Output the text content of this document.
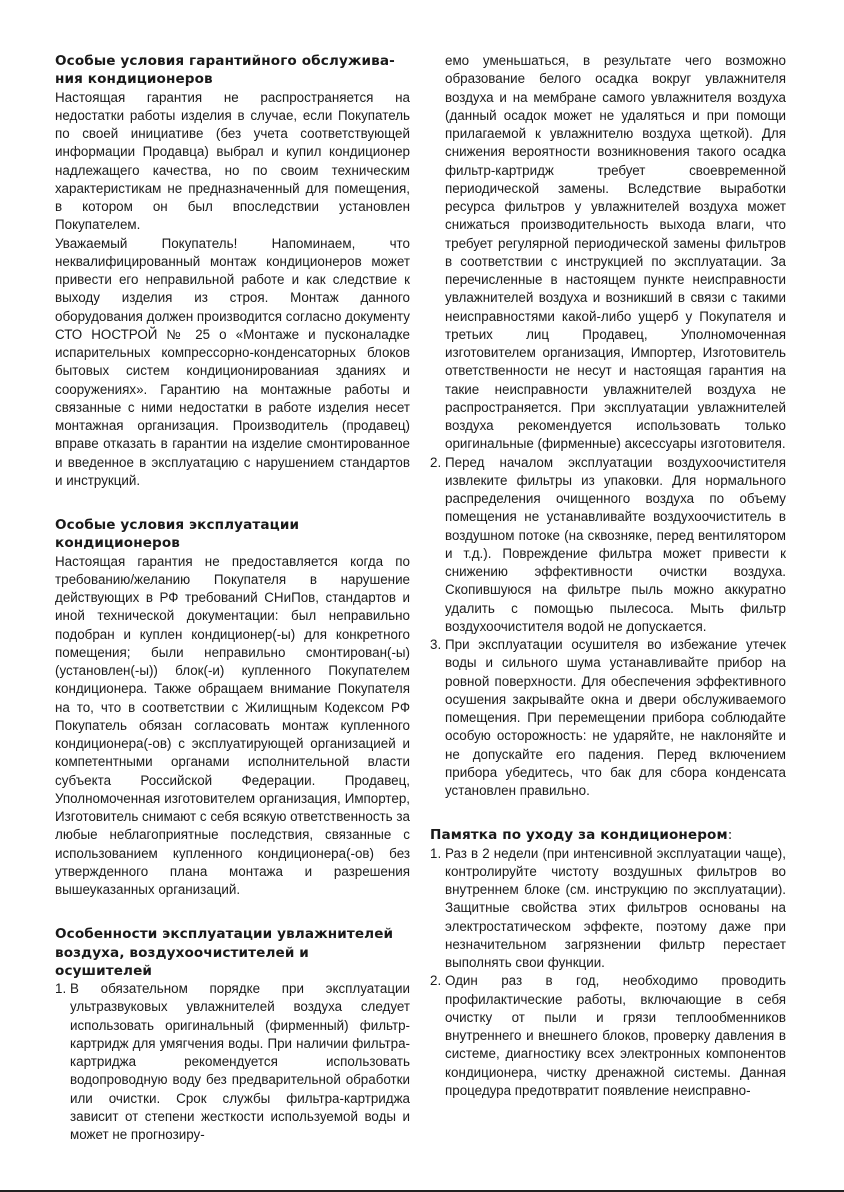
Особые условия гарантийного обслужива-ния кондиционеров

Настоящая гарантия не распространяется на недостатки работы изделия в случае, если Покупатель по своей инициативе (без учета соответствующей информации Продавца) выбрал и купил кондиционер надлежащего качества, но по своим техническим характеристикам не предназначенный для помещения, в котором он был впоследствии установлен Покупателем.

Уважаемый Покупатель! Напоминаем, что неквалифицированный монтаж кондиционеров может привести его неправильной работе и как следствие к выходу изделия из строя. Монтаж данного оборудования должен производится согласно документу СТО НОСТРОЙ № 25 о «Монтаже и пусконаладке испарительных компрессорно-конденсаторных блоков бытовых систем кондиционированиая зданиях и сооружениях». Гарантию на монтажные работы и связанные с ними недостатки в работе изделия несет монтажная организация. Производитель (продавец) вправе отказать в гарантии на изделие смонтированное и введенное в эксплуатацию с нарушением стандартов и инструкций.

Особые условия эксплуатации кондиционеров

Настоящая гарантия не предоставляется когда по требованию/желанию Покупателя в нарушение действующих в РФ требований СНиПов, стандартов и иной технической документации: был неправильно подобран и куплен кондиционер(-ы) для конкретного помещения; были неправильно смонтирован(-ы) (установлен(-ы)) блок(-и) купленного Покупателем кондиционера. Также обращаем внимание Покупателя на то, что в соответствии с Жилищным Кодексом РФ Покупатель обязан согласовать монтаж купленного кондиционера(-ов) с эксплуатирующей организацией и компетентными органами исполнительной власти субъекта Российской Федерации. Продавец, Уполномоченная изготовителем организация, Импортер, Изготовитель снимают с себя всякую ответственность за любые неблагоприятные последствия, связанные с использованием купленного кондиционера(-ов) без утвержденного плана монтажа и разрешения вышеуказанных организаций.

Особенности эксплуатации увлажнителей воздуха, воздухоочистителей и осушителей
1. В обязательном порядке при эксплуатации ультразвуковых увлажнителей воздуха следует использовать оригинальный (фирменный) фильтр-картридж для умягчения воды. При наличии фильтра-картриджа рекомендуется использовать водопроводную воду без предварительной обработки или очистки. Срок службы фильтра-картриджа зависит от степени жесткости используемой воды и может не прогнозиру-

емо уменьшаться, в результате чего возможно образование белого осадка вокруг увлажнителя воздуха и на мембране самого увлажнителя воздуха (данный осадок может не удаляться и при помощи прилагаемой к увлажнителю воздуха щеткой). Для снижения вероятности возникновения такого осадка фильтр-картридж требует своевременной периодической замены. Вследствие выработки ресурса фильтров у увлажнителей воздуха может снижаться производительность выхода влаги, что требует регулярной периодической замены фильтров в соответствии с инструкцией по эксплуатации. За перечисленные в настоящем пункте неисправности увлажнителей воздуха и возникший в связи с такими неисправностями какой-либо ущерб у Покупателя и третьих лиц Продавец, Уполномоченная изготовителем организация, Импортер, Изготовитель ответственности не несут и настоящая гарантия на такие неисправности увлажнителей воздуха не распространяется. При эксплуатации увлажнителей воздуха рекомендуется использовать только оригинальные (фирменные) аксессуары изготовителя.

2. Перед началом эксплуатации воздухоочистителя извлеките фильтры из упаковки. Для нормального распределения очищенного воздуха по объему помещения не устанавливайте воздухоочиститель в воздушном потоке (на сквозняке, перед вентилятором и т.д.). Повреждение фильтра может привести к снижению эффективности очистки воздуха. Скопившуюся на фильтре пыль можно аккуратно удалить с помощью пылесоса. Мыть фильтр воздухоочистителя водой не допускается.
3. При эксплуатации осушителя во избежание утечек воды и сильного шума устанавливайте прибор на ровной поверхности. Для обеспечения эффективного осушения закрывайте окна и двери обслуживаемого помещения. При перемещении прибора соблюдайте особую осторожность: не ударяйте, не наклоняйте и не допускайте его падения. Перед включением прибора убедитесь, что бак для сбора конденсата установлен правильно.
Памятка по уходу за кондиционером:
1. Раз в 2 недели (при интенсивной эксплуатации чаще), контролируйте чистоту воздушных фильтров во внутреннем блоке (см. инструкцию по эксплуатации). Защитные свойства этих фильтров основаны на электростатическом эффекте, поэтому даже при незначительном загрязнении фильтр перестает выполнять свои функции.
2. Один раз в год, необходимо проводить профилактические работы, включающие в себя очистку от пыли и грязи теплообменников внутреннего и внешнего блоков, проверку давления в системе, диагностику всех электронных компонентов кондиционера, чистку дренажной системы. Данная процедура предотвратит появление неисправно-
